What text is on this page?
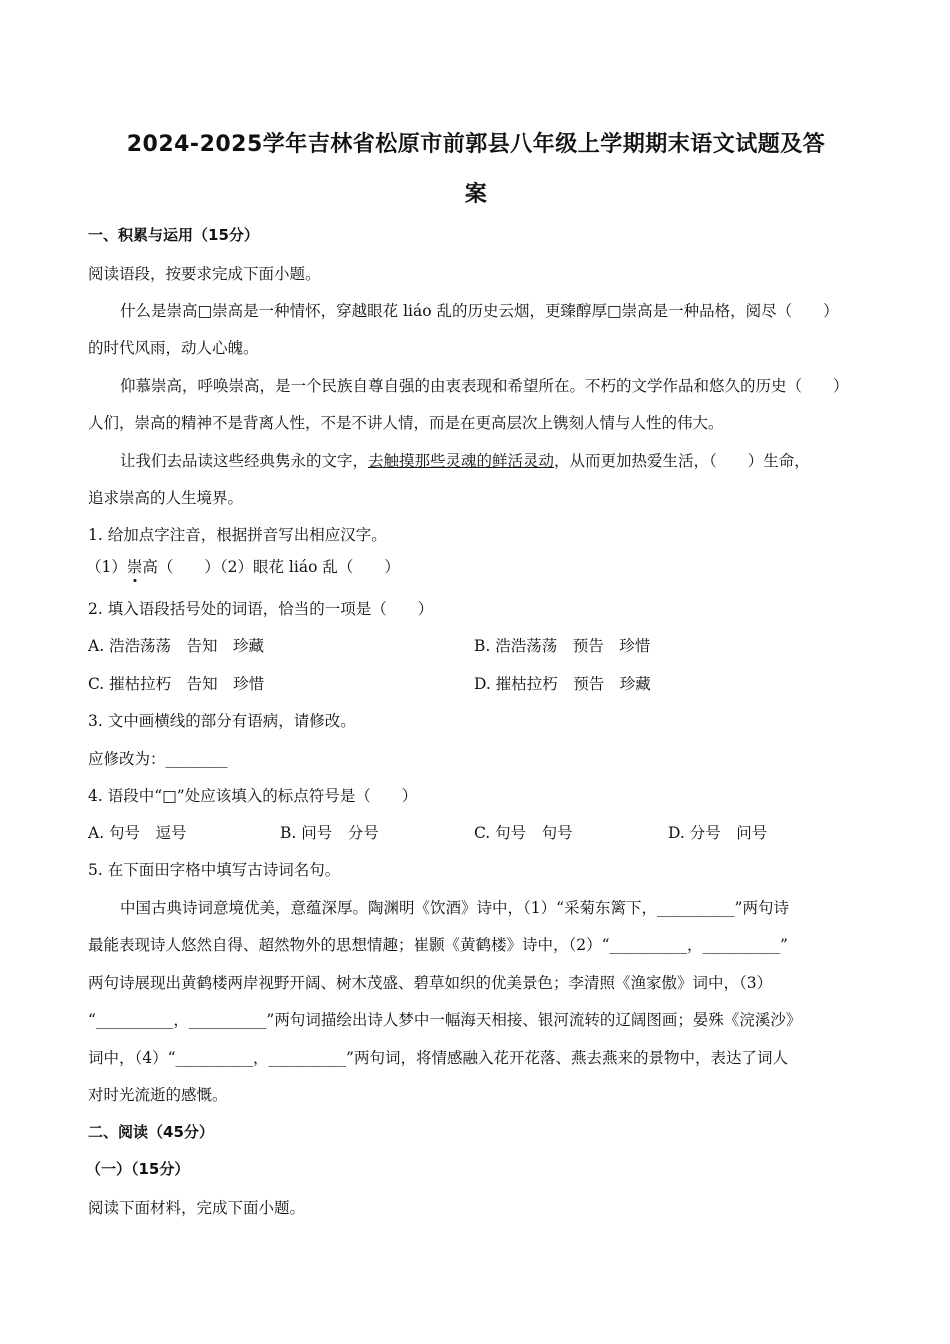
2024-2025学年吉林省松原市前郭县八年级上学期期末语文试题及答
案
一、积累与运用（15分）
阅读语段，按要求完成下面小题。
什么是崇高□崇高是一种情怀，穿越眼花 liáo 乱的历史云烟，更臻醇厚□崇高是一种品格，阅尽（　　）
的时代风雨，动人心魄。
仰慕崇高，呼唤崇高，是一个民族自尊自强的由衷表现和希望所在。不朽的文学作品和悠久的历史（　　）
人们，崇高的精神不是背离人性，不是不讲人情，而是在更高层次上镌刻人情与人性的伟大。
让我们去品读这些经典隽永的文字，去触摸那些灵魂的鲜活灵动，从而更加热爱生活，（　　）生命，
追求崇高的人生境界。
1. 给加点字注音，根据拼音写出相应汉字。
（1）崇高（　　）（2）眼花 liáo 乱（　　）
2. 填入语段括号处的词语，恰当的一项是（　　）
A. 浩浩荡荡　告知　珍藏	B. 浩浩荡荡　预告　珍惜
C. 摧枯拉朽　告知　珍惜	D. 摧枯拉朽　预告　珍藏
3. 文中画横线的部分有语病，请修改。
应修改为：________
4. 语段中“□”处应该填入的标点符号是（　　）
A. 句号　逗号	B. 问号　分号	C. 句号　句号	D. 分号　问号
5. 在下面田字格中填写古诗词名句。
中国古典诗词意境优美，意蕴深厚。陶渊明《饮酒》诗中，（1）“采菊东篱下，__________”两句诗
最能表现诗人悠然自得、超然物外的思想情趣；崔颢《黄鹤楼》诗中，（2）“__________，__________”
两句诗展现出黄鹤楼两岸视野开阔、树木茂盛、碧草如织的优美景色；李清照《渔家傲》词中，（3）
“__________，__________”两句词描绘出诗人梦中一幅海天相接、银河流转的辽阔图画；晏殊《浣溪沙》
词中，（4）“__________，__________”两句词，将情感融入花开花落、燕去燕来的景物中，表达了词人
对时光流逝的感慨。
二、阅读（45分）
（一）（15分）
阅读下面材料，完成下面小题。
